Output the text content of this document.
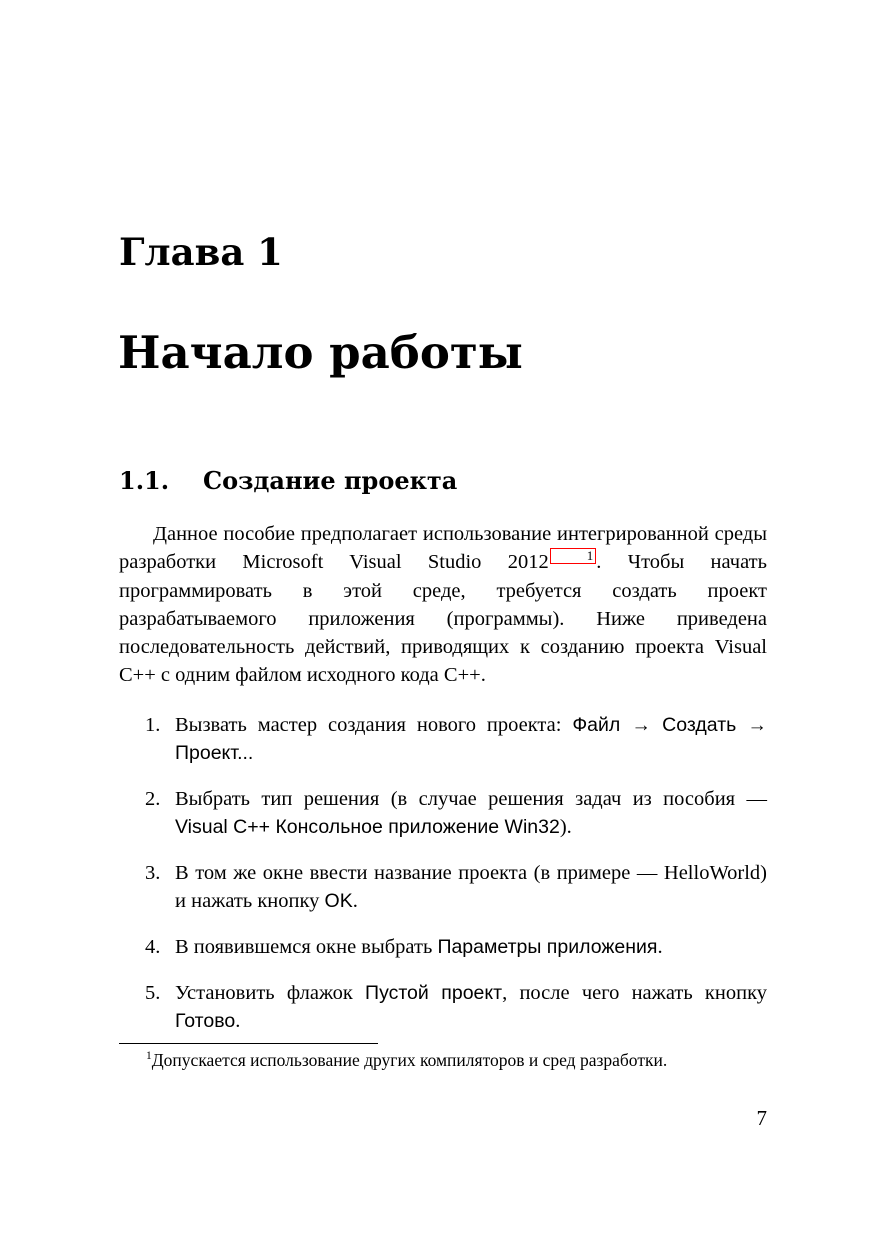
Глава 1
Начало работы
1.1. Создание проекта
Данное пособие предполагает использование интегрированной среды разработки Microsoft Visual Studio 2012	1 . Чтобы начать программировать в этой среде, требуется создать проект разрабатываемого приложения (программы). Ниже приведена последовательность действий, приводящих к созданию проекта Visual C++ с одним файлом исходного кода C++.
1. Вызвать мастер создания нового проекта: Файл → Создать → Проект...
2. Выбрать тип решения (в случае решения задач из пособия — Visual C++ Консольное приложение Win32).
3. В том же окне ввести название проекта (в примере — HelloWorld) и нажать кнопку OK.
4. В появившемся окне выбрать Параметры приложения.
5. Установить флажок Пустой проект, после чего нажать кнопку Готово.
$^1$Допускается использование других компиляторов и сред разработки.
7
